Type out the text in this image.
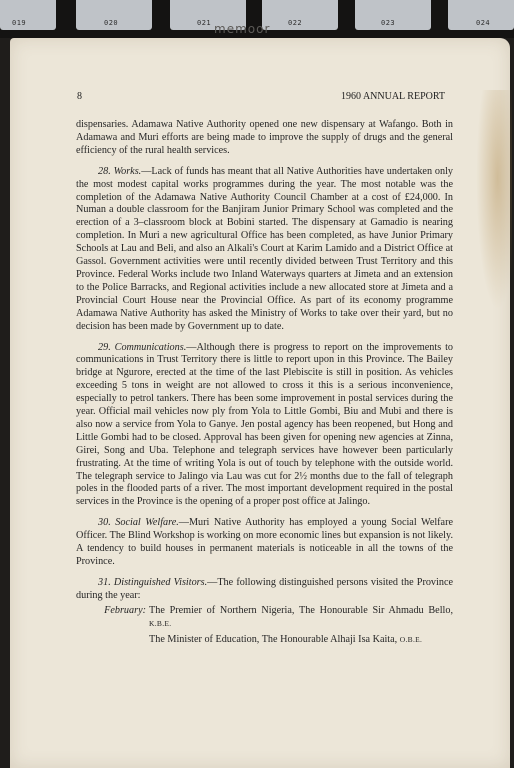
019	020	021	022	023	024
memoor
8	1960 ANNUAL REPORT

dispensaries. Adamawa Native Authority opened one new dispensary at Wafango. Both in Adamawa and Muri efforts are being made to improve the supply of drugs and the general efficiency of the rural health services.

28. Works.—Lack of funds has meant that all Native Authorities have undertaken only the most modest capital works programmes during the year. The most notable was the completion of the Adamawa Native Authority Council Chamber at a cost of £24,000. In Numan a double classroom for the Banjiram Junior Primary School was completed and the erection of a 3–classroom block at Bobini started. The dispensary at Gamadio is nearing completion. In Muri a new agricultural Office has been completed, as have Junior Primary Schools at Lau and Beli, and also an Alkali's Court at Karim Lamido and a District Office at Gassol. Government activities were until recently divided between Trust Territory and this Province. Federal Works include two Inland Waterways quarters at Jimeta and an extension to the Police Barracks, and Regional activities include a new allocated store at Jimeta and a Provincial Court House near the Provincial Office. As part of its economy programme Adamawa Native Authority has asked the Ministry of Works to take over their yard, but no decision has been made by Government up to date.

29. Communications.—Although there is progress to report on the improvements to communications in Trust Territory there is little to report upon in this Province. The Bailey bridge at Ngurore, erected at the time of the last Plebiscite is still in position. As vehicles exceeding 5 tons in weight are not allowed to cross it this is a serious inconvenience, especially to petrol tankers. There has been some improvement in postal services during the year. Official mail vehicles now ply from Yola to Little Gombi, Biu and Mubi and there is also now a service from Yola to Ganye. Jen postal agency has been reopened, but Hong and Little Gombi had to be closed. Approval has been given for opening new agencies at Zinna, Girei, Song and Uba. Telephone and telegraph services have however been particularly frustrating. At the time of writing Yola is out of touch by telephone with the outside world. The telegraph service to Jalingo via Lau was cut for 2½ months due to the fall of telegraph poles in the flooded parts of a river. The most important development required in the postal services in the Province is the opening of a proper post office at Jalingo.

30. Social Welfare.—Muri Native Authority has employed a young Social Welfare Officer. The Blind Workshop is working on more economic lines but expansion is not likely. A tendency to build houses in permanent materials is noticeable in all the towns of the Province.

31. Distinguished Visitors.—The following distinguished persons visited the Province during the year:

February: The Premier of Northern Nigeria, The Honourable Sir Ahmadu Bello, K.B.E.
The Minister of Education, The Honourable Alhaji Isa Kaita, O.B.E.
